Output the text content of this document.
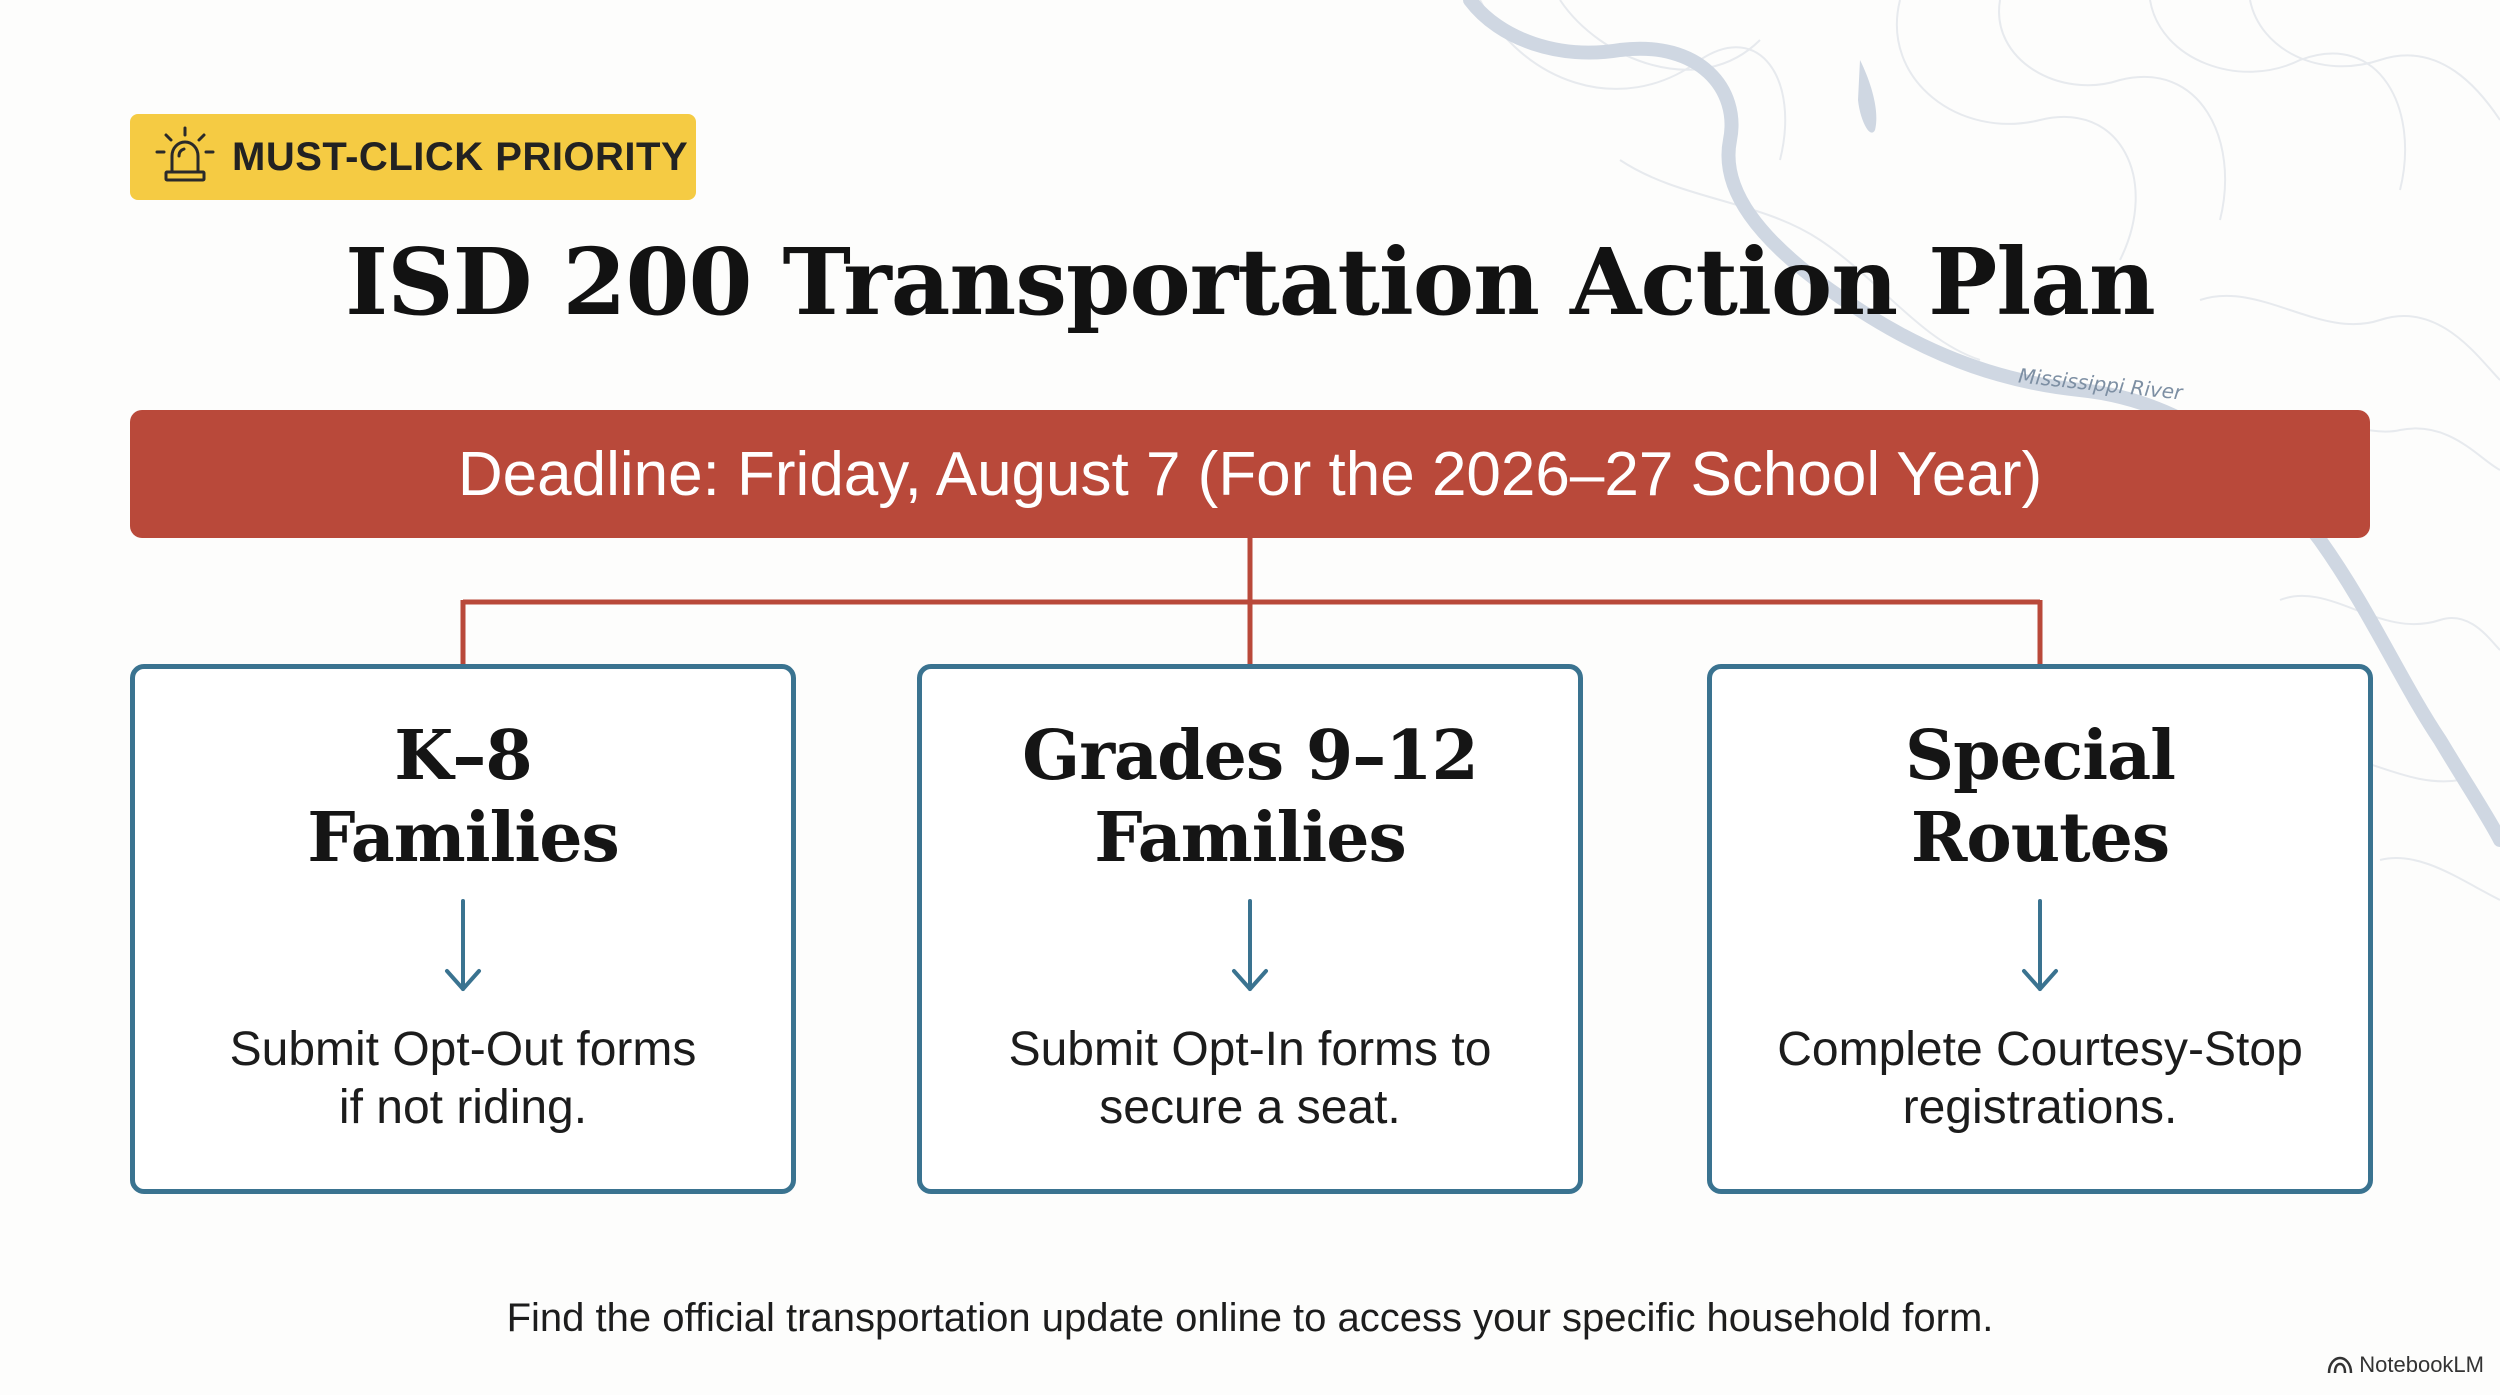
Mississippi River
MUST-CLICK PRIORITY
ISD 200 Transportation Action Plan
Deadline: Friday, August 7 (For the 2026–27 School Year)
K–8
Families
Submit Opt-Out forms
if not riding.
Grades 9–12
Families
Submit Opt-In forms to
secure a seat.
Special
Routes
Complete Courtesy-Stop
registrations.
Find the official transportation update online to access your specific household form.
NotebookLM
